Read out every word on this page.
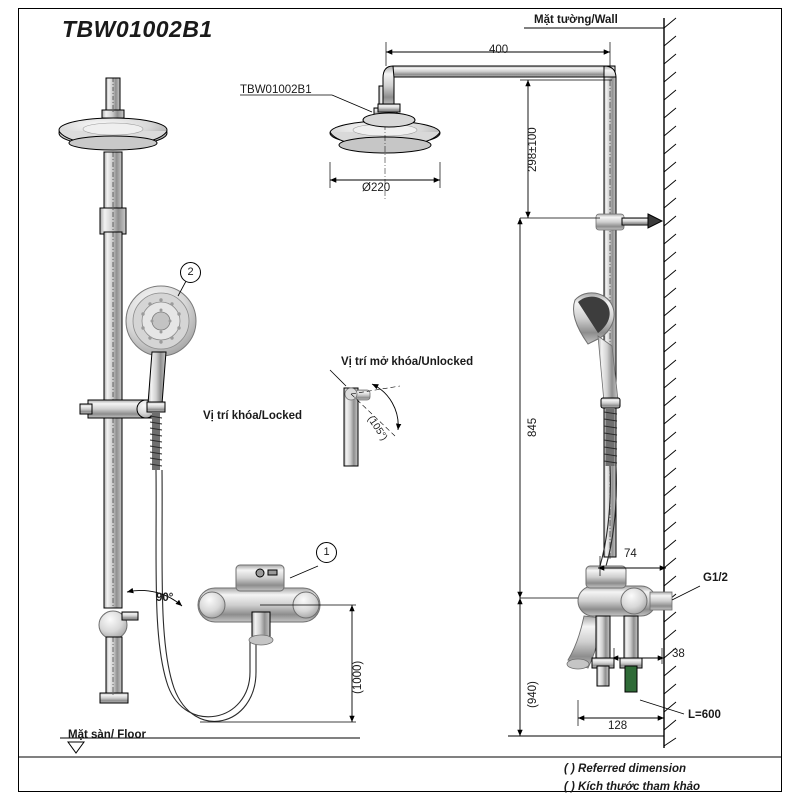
TBW01002B1	Mặt tường/Wall
Mặt sàn/ Floor
TBW01002B1
Ø220
Vị trí khóa/Locked
Vị trí mở khóa/Unlocked
400
298±100
845
(940)
(1000)
74
38
128
90°
(105°)
G1/2
L=600
2
1
( ) Referred dimension
( ) Kích thước tham khảo
